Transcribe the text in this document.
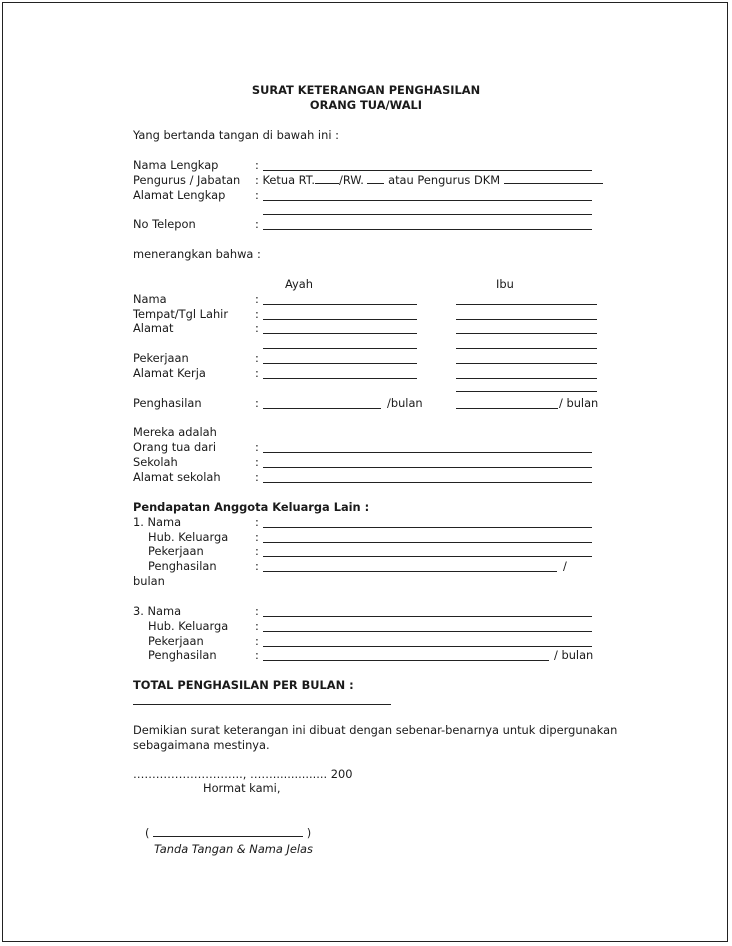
SURAT KETERANGAN PENGHASILAN
ORANG TUA/WALI
Yang bertanda tangan di bawah ini :
Nama Lengkap	:
Pengurus / Jabatan : Ketua RT. /RW. atau Pengurus DKM
Alamat Lengkap	:
No Telepon	:
menerangkan bahwa :
Ayah	Ibu
Nama	:
Tempat/Tgl Lahir :
Alamat	:
Pekerjaan	:
Alamat Kerja	:
Penghasilan	:	/bulan	/ bulan
Mereka adalah
Orang tua dari	:
Sekolah	:
Alamat sekolah	:
Pendapatan Anggota Keluarga Lain :
1. Nama	:
Hub. Keluarga :
Pekerjaan	:
Penghasilan	:	/
bulan
3. Nama	:
Hub. Keluarga :
Pekerjaan	:
Penghasilan	:	/ bulan
TOTAL PENGHASILAN PER BULAN :
Demikian surat keterangan ini dibuat dengan sebenar-benarnya untuk dipergunakan
sebagaimana mestinya.
……………………….., ……............... 200
Hormat kami,
(	)
Tanda Tangan & Nama Jelas
